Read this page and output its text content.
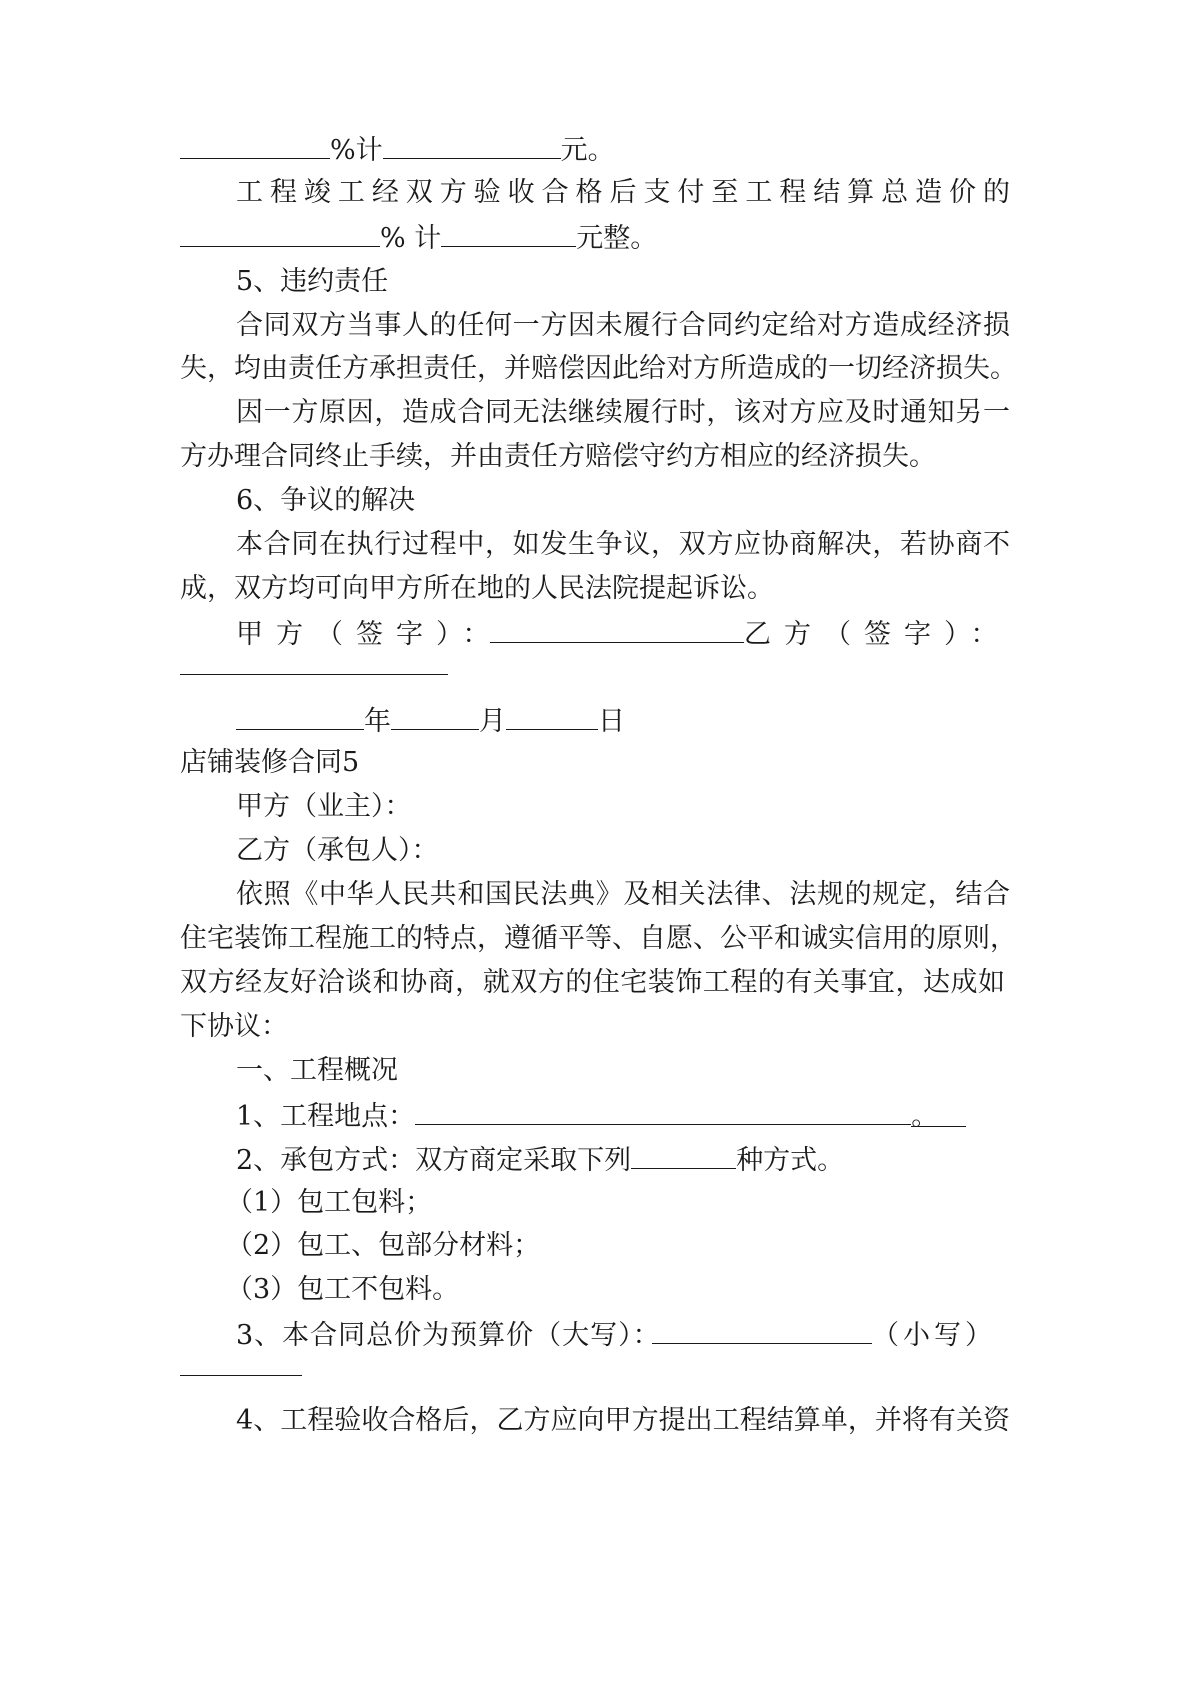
%计	元。
工程竣工经双方验收合格后支付至工程结算总造价的
% 计	元整。
5、违约责任
合同双方当事人的任何一方因未履行合同约定给对方造成经济损
失，均由责任方承担责任，并赔偿因此给对方所造成的一切经济损失。
因一方原因，造成合同无法继续履行时，该对方应及时通知另一
方办理合同终止手续，并由责任方赔偿守约方相应的经济损失。
6、争议的解决
本合同在执行过程中，如发生争议，双方应协商解决，若协商不
成，双方均可向甲方所在地的人民法院提起诉讼。
甲方（签字）：	乙方（签字）：
年	月	日
店铺装修合同5
甲方（业主）：
乙方（承包人）：
依照《中华人民共和国民法典》及相关法律、法规的规定，结合
住宅装饰工程施工的特点，遵循平等、自愿、公平和诚实信用的原则，
双方经友好洽谈和协商，就双方的住宅装饰工程的有关事宜，达成如
下协议：
一、工程概况
1、工程地点：	。
2、承包方式：双方商定采取下列	种方式。
（1）包工包料；
（2）包工、包部分材料；
（3）包工不包料。
3、本合同总价为预算价（大写）：	（小写）
4、工程验收合格后，乙方应向甲方提出工程结算单，并将有关资
